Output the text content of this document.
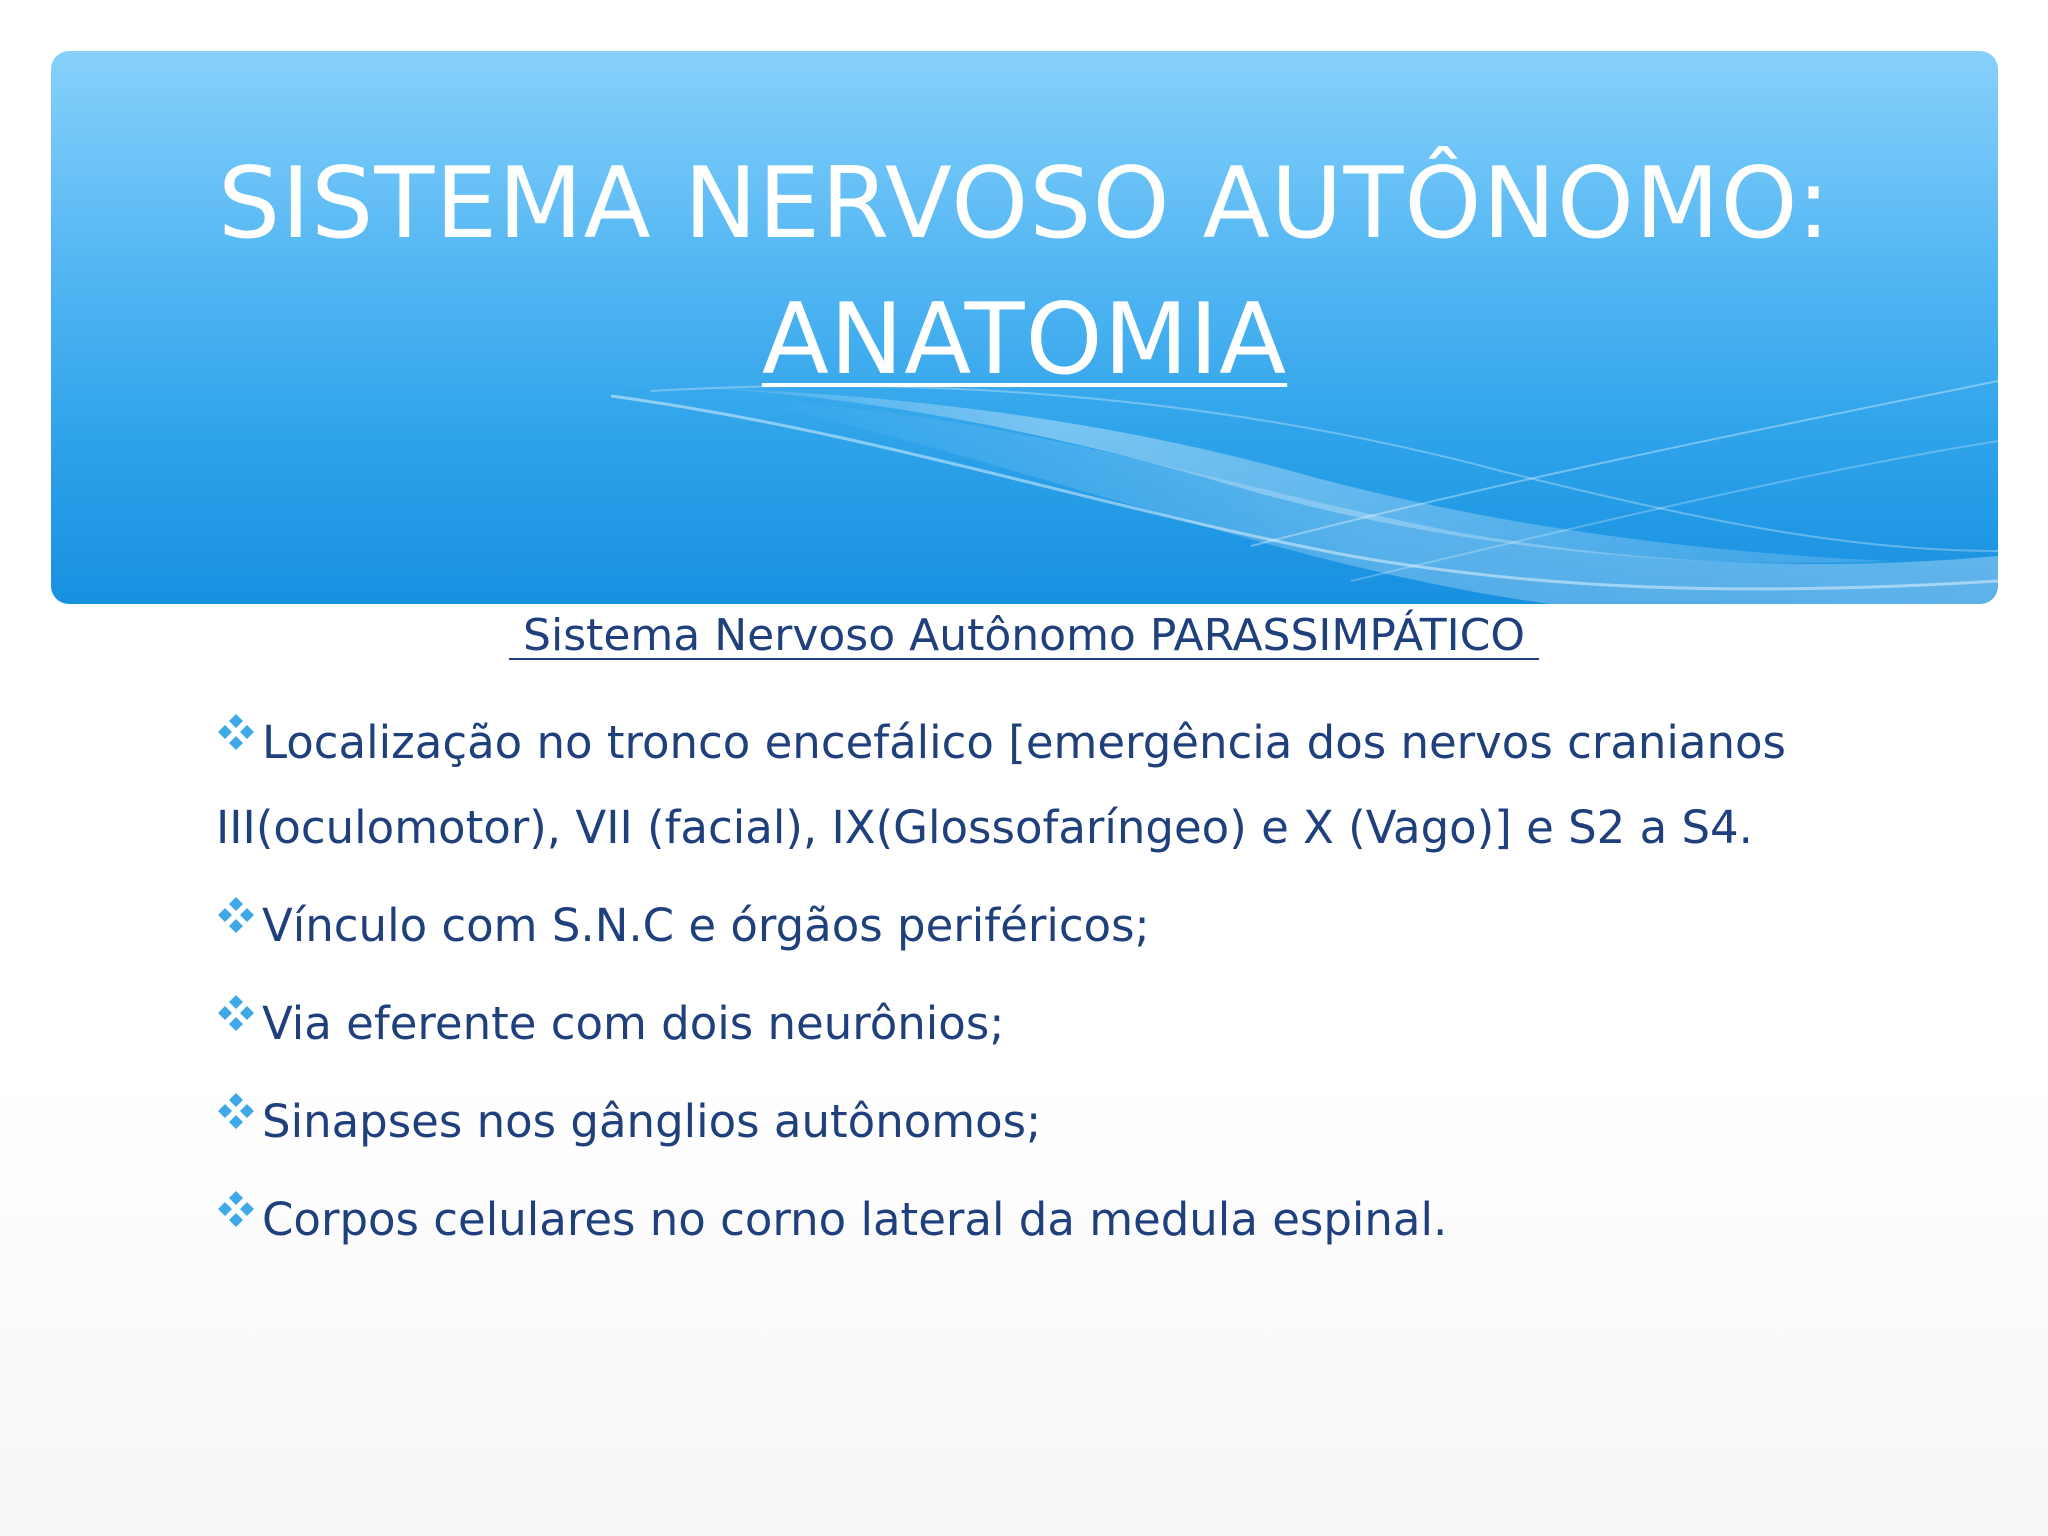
SISTEMA NERVOSO AUTÔNOMO:
ANATOMIA
Sistema Nervoso Autônomo PARASSIMPÁTICO
Localização no tronco encefálico [emergência dos nervos cranianos III(oculomotor), VII (facial), IX(Glossofaríngeo) e X (Vago)] e S2 a S4.
Vínculo com S.N.C e órgãos periféricos;
Via eferente com dois neurônios;
Sinapses nos gânglios autônomos;
Corpos celulares no corno lateral da medula espinal.
